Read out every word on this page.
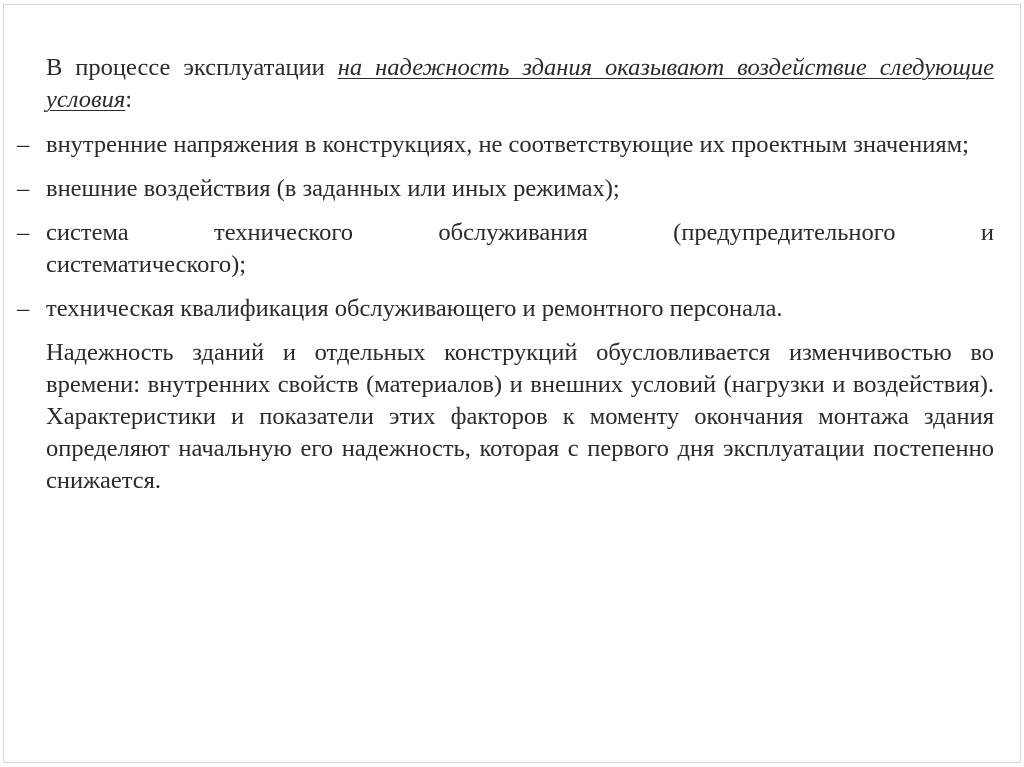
В процессе эксплуатации на надежность здания оказывают воздействие следующие условия:

– внутренние напряжения в конструкциях, не соответствующие их проектным значениям;
– внешние воздействия (в заданных или иных режимах);
– система	технического	обслуживания	(предупредительного	и
систематического);
– техническая квалификация обслуживающего и ремонтного персонала.

Надежность зданий и отдельных конструкций обусловливается изменчивостью во времени: внутренних свойств (материалов) и внешних условий (нагрузки и воздействия). Характеристики и показатели этих факторов к моменту окончания монтажа здания определяют начальную его надежность, которая с первого дня эксплуатации постепенно снижается.
